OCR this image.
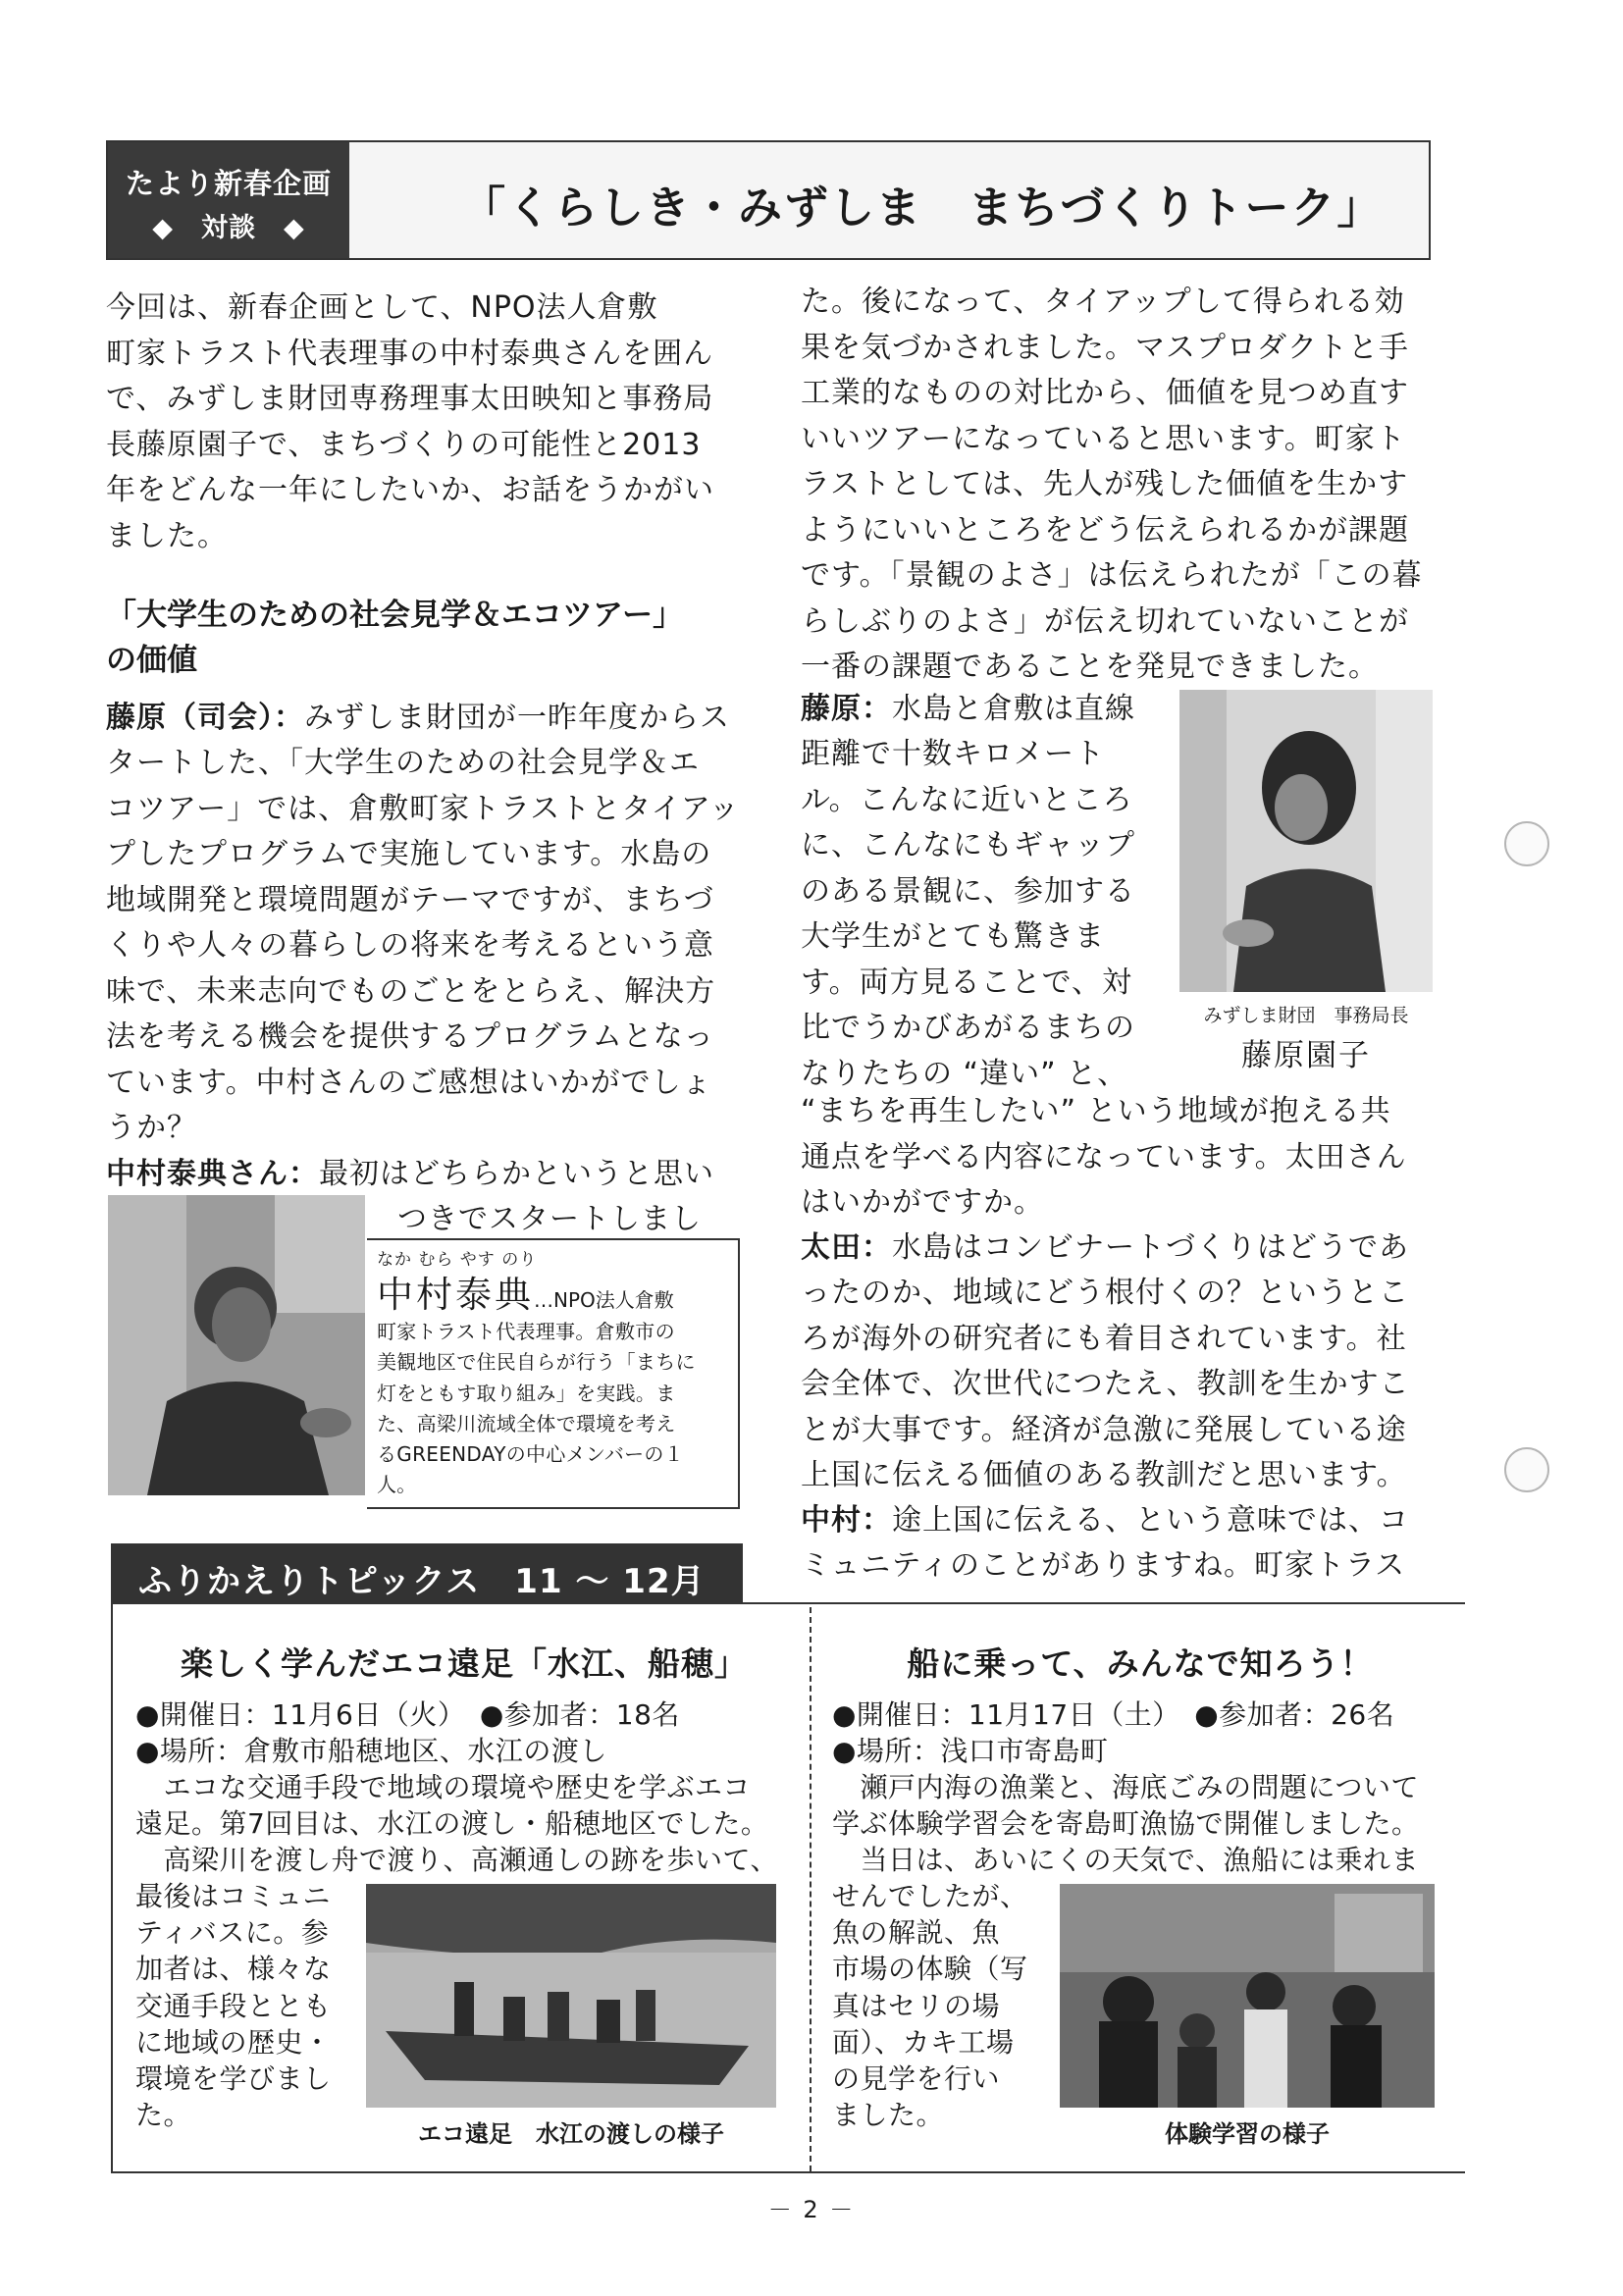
たより新春企画
◆　対談　◆	「くらしき・みずしま　まちづくりトーク」

今回は、新春企画として、NPO法人倉敷
町家トラスト代表理事の中村泰典さんを囲ん
で、みずしま財団専務理事太田映知と事務局
長藤原園子で、まちづくりの可能性と2013
年をどんな一年にしたいか、お話をうかがい
ました。

「大学生のための社会見学＆エコツアー」
の価値

藤原（司会）：みずしま財団が一昨年度からス

タートした、「大学生のための社会見学＆エ
コツアー」では、倉敷町家トラストとタイアッ
プしたプログラムで実施しています。水島の
地域開発と環境問題がテーマですが、まちづ
くりや人々の暮らしの将来を考えるという意
味で、未来志向でものごとをとらえ、解決方
法を考える機会を提供するプログラムとなっ
ています。中村さんのご感想はいかがでしょ
うか？

中村泰典さん：最初はどちらかというと思い
つきでスタートしまし
なか むら やす のり
中村泰典…NPO法人倉敷

町家トラスト代表理事。倉敷市の
美観地区で住民自らが行う「まちに
灯をともす取り組み」を実践。ま
た、高梁川流域全体で環境を考え
るGREENDAYの中心メンバーの１
人。

た。後になって、タイアップして得られる効
果を気づかされました。マスプロダクトと手
工業的なものの対比から、価値を見つめ直す
いいツアーになっていると思います。町家ト
ラストとしては、先人が残した価値を生かす
ようにいいところをどう伝えられるかが課題
です。「景観のよさ」は伝えられたが「この暮
らしぶりのよさ」が伝え切れていないことが
一番の課題であることを発見できました。

藤原：水島と倉敷は直線

距離で十数キロメート
ル。こんなに近いところ
に、こんなにもギャップ
のある景観に、参加する
大学生がとても驚きま
す。両方見ることで、対
比でうかびあがるまちの
なりたちの “違い” と、

みずしま財団　事務局長
藤原園子

“まちを再生したい” という地域が抱える共
通点を学べる内容になっています。太田さん
はいかがですか。

太田：水島はコンビナートづくりはどうであ

ったのか、地域にどう根付くの？というとこ
ろが海外の研究者にも着目されています。社
会全体で、次世代につたえ、教訓を生かすこ
とが大事です。経済が急激に発展している途
上国に伝える価値のある教訓だと思います。

中村：途上国に伝える、という意味では、コ

ミュニティのことがありますね。町家トラス

ふりかえりトピックス　11 ～ 12月
楽しく学んだエコ遠足「水江、船穂」
●開催日：11月6日（火）　●参加者：18名
●場所：倉敷市船穂地区、水江の渡し

　エコな交通手段で地域の環境や歴史を学ぶエコ
遠足。第7回目は、水江の渡し・船穂地区でした。
　高梁川を渡し舟で渡り、高瀬通しの跡を歩いて、

最後はコミュニ
ティバスに。参
加者は、様々な
交通手段ととも
に地域の歴史・
環境を学びまし
た。

エコ遠足　水江の渡しの様子
船に乗って、みんなで知ろう！
●開催日：11月17日（土）　●参加者：26名
●場所：浅口市寄島町

　瀬戸内海の漁業と、海底ごみの問題について
学ぶ体験学習会を寄島町漁協で開催しました。
　当日は、あいにくの天気で、漁船には乗れま

せんでしたが、
魚の解説、魚
市場の体験（写
真はセリの場
面）、カキ工場
の見学を行い
ました。

体験学習の様子
－ 2 －
